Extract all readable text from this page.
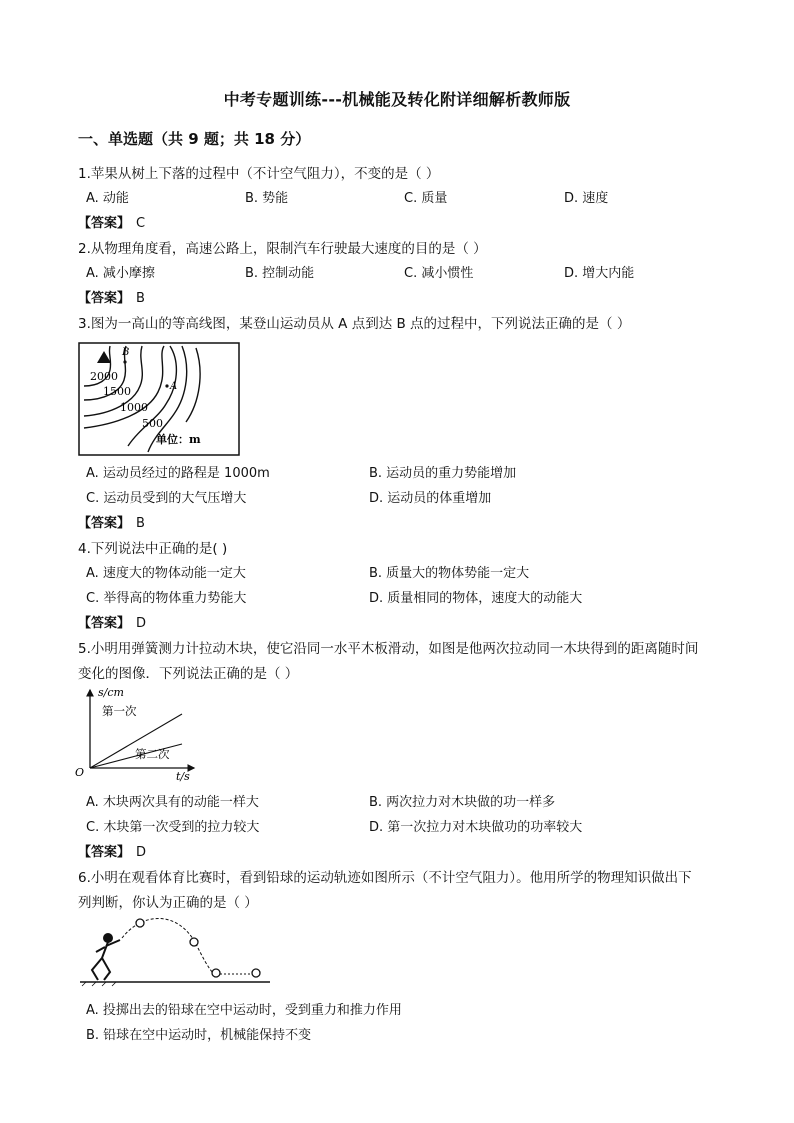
中考专题训练---机械能及转化附详细解析教师版
一、单选题（共 9 题；共 18 分）
1.苹果从树上下落的过程中（不计空气阻力），不变的是（ ）
A. 动能	B. 势能	C. 质量	D. 速度
【答案】 C
2.从物理角度看，高速公路上，限制汽车行驶最大速度的目的是（ ）
A. 减小摩擦	B. 控制动能	C. 减小惯性	D. 增大内能
【答案】 B
3.图为一高山的等高线图，某登山运动员从 A 点到达 B 点的过程中，下列说法正确的是（ ）
B
A
2000
1500
1000
500
单位：m
A. 运动员经过的路程是 1000m	B. 运动员的重力势能增加
C. 运动员受到的大气压增大	D. 运动员的体重增加
【答案】 B
4.下列说法中正确的是( )
A. 速度大的物体动能一定大	B. 质量大的物体势能一定大
C. 举得高的物体重力势能大	D. 质量相同的物体，速度大的动能大
【答案】 D
5.小明用弹簧测力计拉动木块，使它沿同一水平木板滑动，如图是他两次拉动同一木块得到的距离随时间
变化的图像．下列说法正确的是（ ）
s/cm
t/s
O
第一次
第二次
A. 木块两次具有的动能一样大	B. 两次拉力对木块做的功一样多
C. 木块第一次受到的拉力较大	D. 第一次拉力对木块做功的功率较大
【答案】 D
6.小明在观看体育比赛时，看到铅球的运动轨迹如图所示（不计空气阻力）。他用所学的物理知识做出下
列判断，你认为正确的是（ ）
A. 投掷出去的铅球在空中运动时，受到重力和推力作用
B. 铅球在空中运动时，机械能保持不变
